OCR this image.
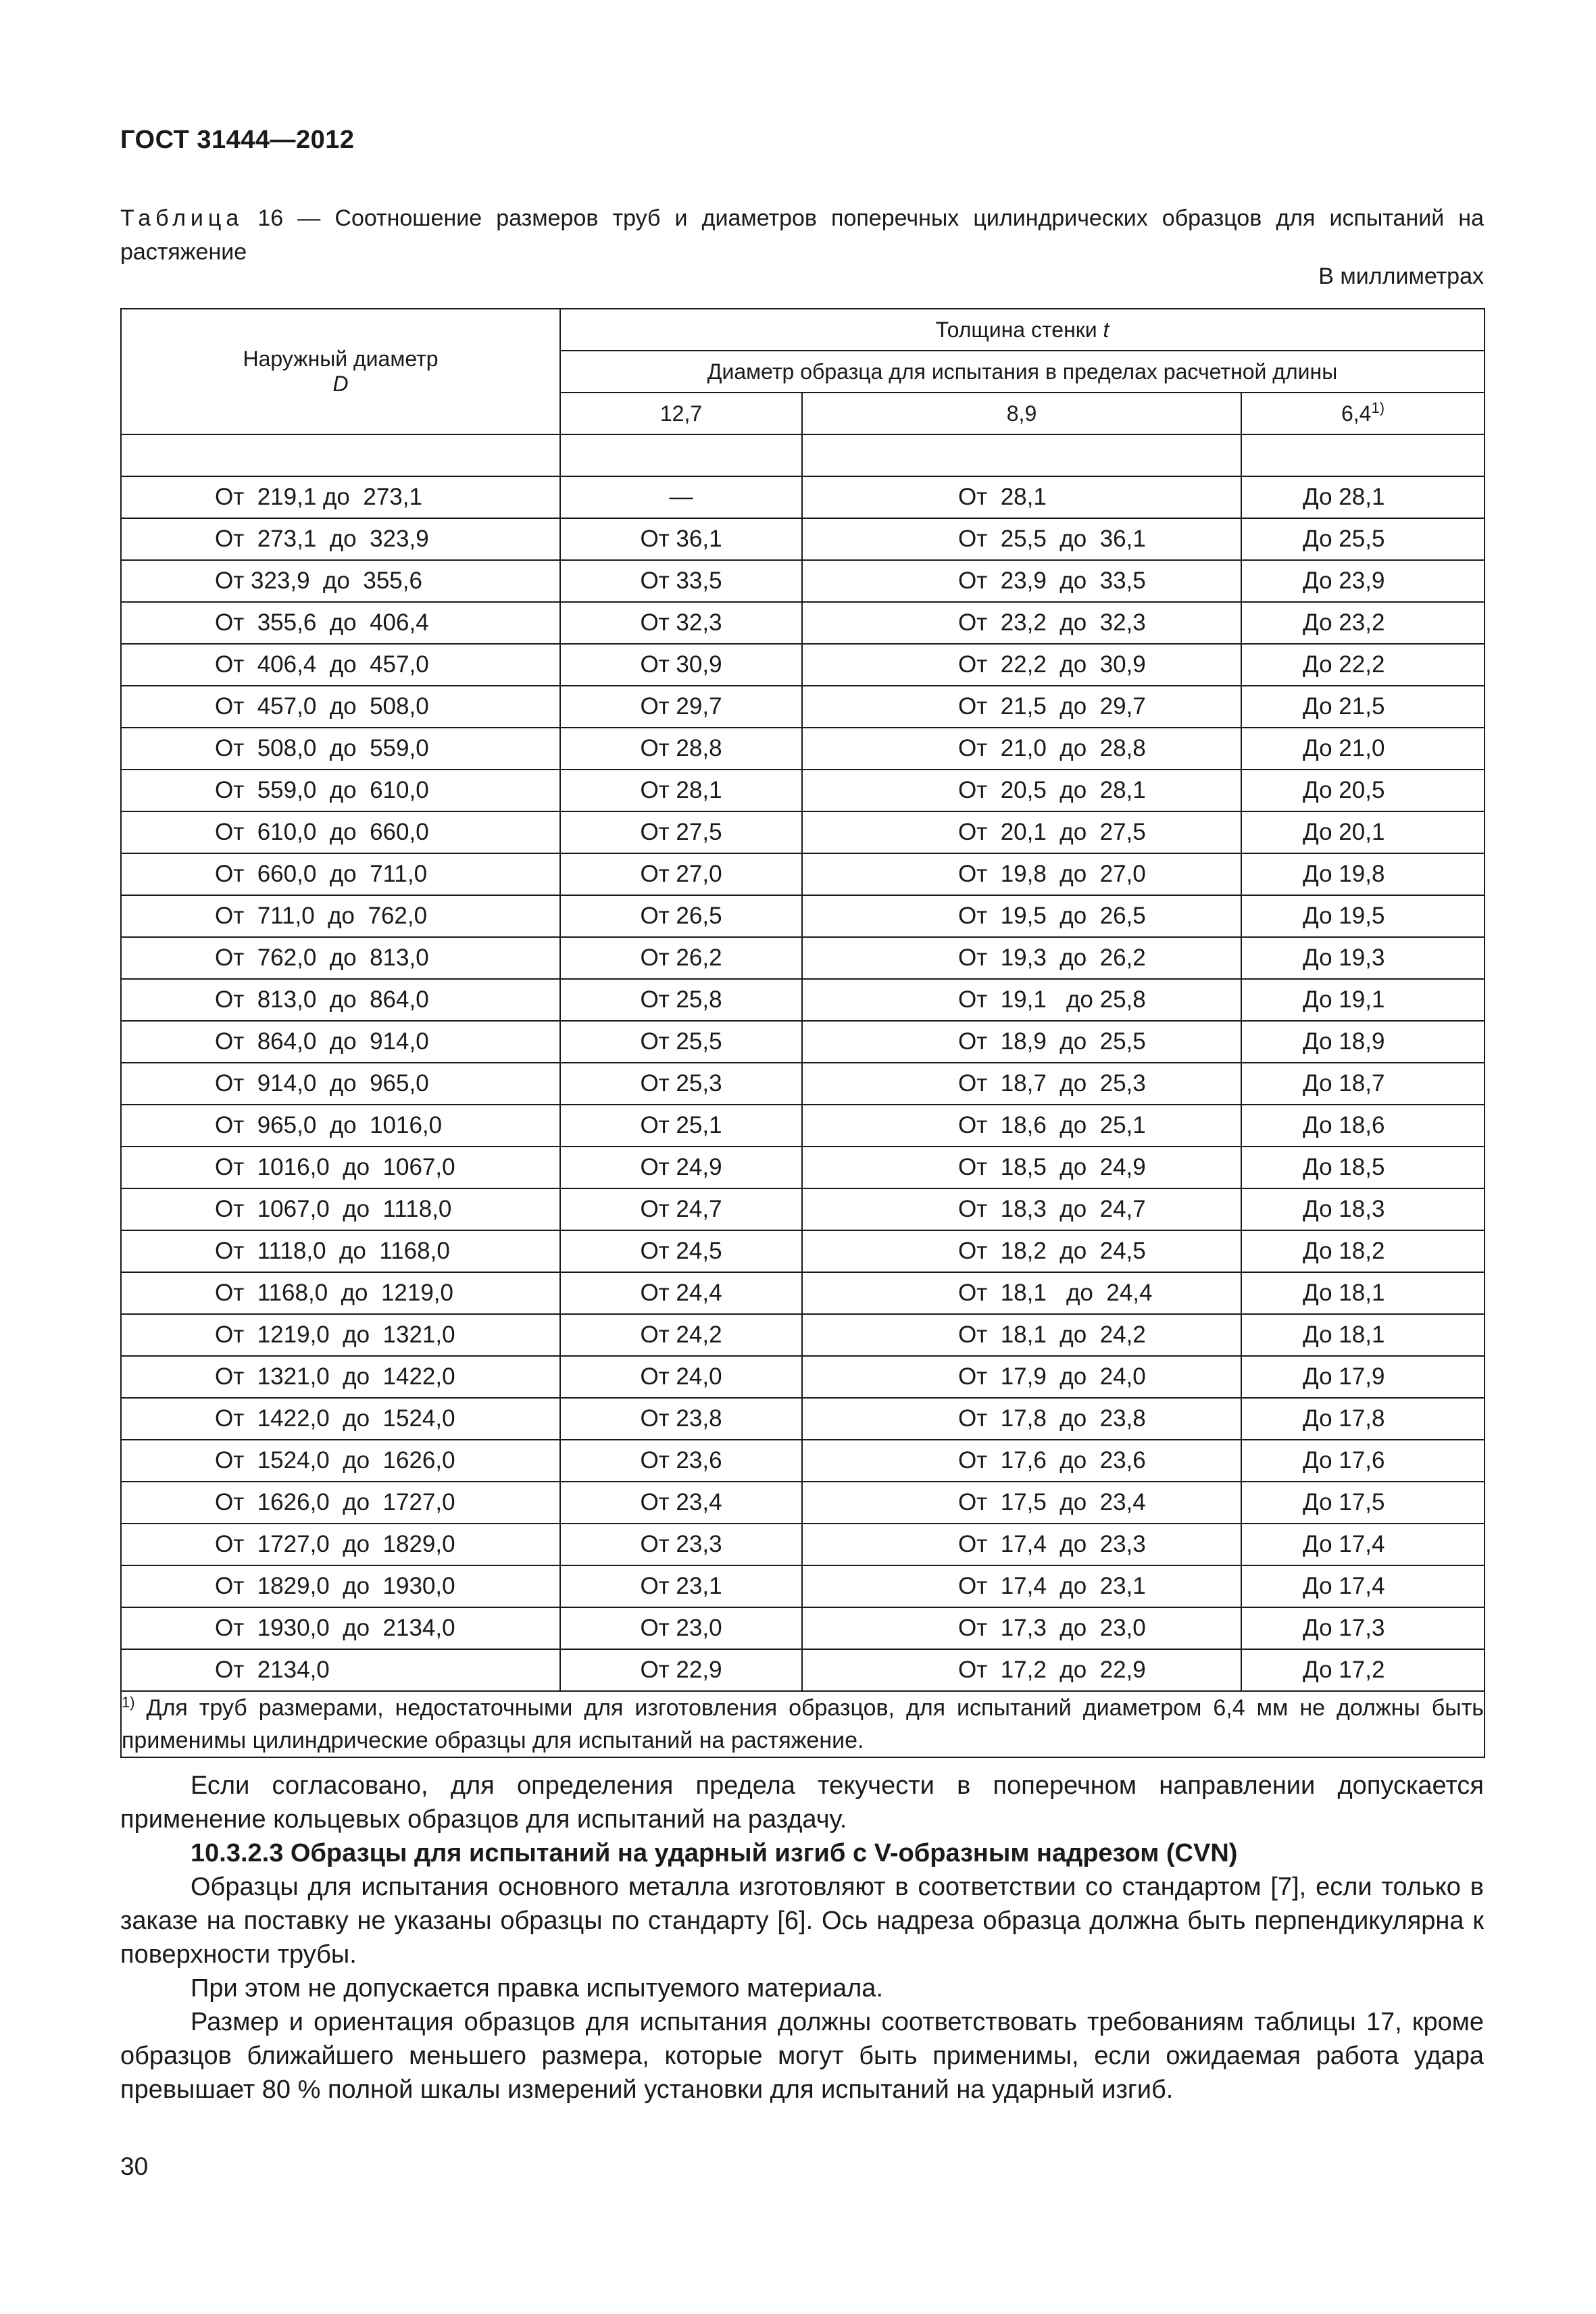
ГОСТ 31444—2012
Таблица 16 — Соотношение размеров труб и диаметров поперечных цилиндрических образцов для испытаний на растяжение
В миллиметрах
Наружный диаметр
D	Толщина стенки t		
	Диаметр образца для испытания в пределах расчетной длины		
	12,7	8,9	6,4$^{1)}$

От  219,1 до  273,1	—	От  28,1	До 28,1
От  273,1  до  323,9	От 36,1	От  25,5  до  36,1	До 25,5
От 323,9  до  355,6	От 33,5	От  23,9  до  33,5	До 23,9
От  355,6  до  406,4	От 32,3	От  23,2  до  32,3	До 23,2
От  406,4  до  457,0	От 30,9	От  22,2  до  30,9	До 22,2
От  457,0  до  508,0	От 29,7	От  21,5  до  29,7	До 21,5
От  508,0  до  559,0	От 28,8	От  21,0  до  28,8	До 21,0
От  559,0  до  610,0	От 28,1	От  20,5  до  28,1	До 20,5
От  610,0  до  660,0	От 27,5	От  20,1  до  27,5	До 20,1
От  660,0  до  711,0	От 27,0	От  19,8  до  27,0	До 19,8
От  711,0  до  762,0	От 26,5	От  19,5  до  26,5	До 19,5
От  762,0  до  813,0	От 26,2	От  19,3  до  26,2	До 19,3
От  813,0  до  864,0	От 25,8	От  19,1   до 25,8	До 19,1
От  864,0  до  914,0	От 25,5	От  18,9  до  25,5	До 18,9
От  914,0  до  965,0	От 25,3	От  18,7  до  25,3	До 18,7
От  965,0  до  1016,0	От 25,1	От  18,6  до  25,1	До 18,6
От  1016,0  до  1067,0	От 24,9	От  18,5  до  24,9	До 18,5
От  1067,0  до  1118,0	От 24,7	От  18,3  до  24,7	До 18,3
От  1118,0  до  1168,0	От 24,5	От  18,2  до  24,5	До 18,2
От  1168,0  до  1219,0	От 24,4	От  18,1   до  24,4	До 18,1
От  1219,0  до  1321,0	От 24,2	От  18,1  до  24,2	До 18,1
От  1321,0  до  1422,0	От 24,0	От  17,9  до  24,0	До 17,9
От  1422,0  до  1524,0	От 23,8	От  17,8  до  23,8	До 17,8
От  1524,0  до  1626,0	От 23,6	От  17,6  до  23,6	До 17,6
От  1626,0  до  1727,0	От 23,4	От  17,5  до  23,4	До 17,5
От  1727,0  до  1829,0	От 23,3	От  17,4  до  23,3	До 17,4
От  1829,0  до  1930,0	От 23,1	От  17,4  до  23,1	До 17,4
От  1930,0  до  2134,0	От 23,0	От  17,3  до  23,0	До 17,3
От  2134,0	От 22,9	От  17,2  до  22,9	До 17,2
$^{1)}$ Для труб размерами, недостаточными для изготовления образцов, для испытаний диаметром 6,4 мм не должны быть применимы цилиндрические образцы для испытаний на растяжение.			

Если согласовано, для определения предела текучести в поперечном направлении допускается применение кольцевых образцов для испытаний на раздачу.

10.3.2.3 Образцы для испытаний на ударный изгиб с V-образным надрезом (CVN)

Образцы для испытания основного металла изготовляют в соответствии со стандартом [7], если только в заказе на поставку не указаны образцы по стандарту [6]. Ось надреза образца должна быть перпендикулярна к поверхности трубы.

При этом не допускается правка испытуемого материала.

Размер и ориентация образцов для испытания должны соответствовать требованиям таблицы 17, кроме образцов ближайшего меньшего размера, которые могут быть применимы, если ожидаемая работа удара превышает 80 % полной шкалы измерений установки для испытаний на ударный изгиб.

30
